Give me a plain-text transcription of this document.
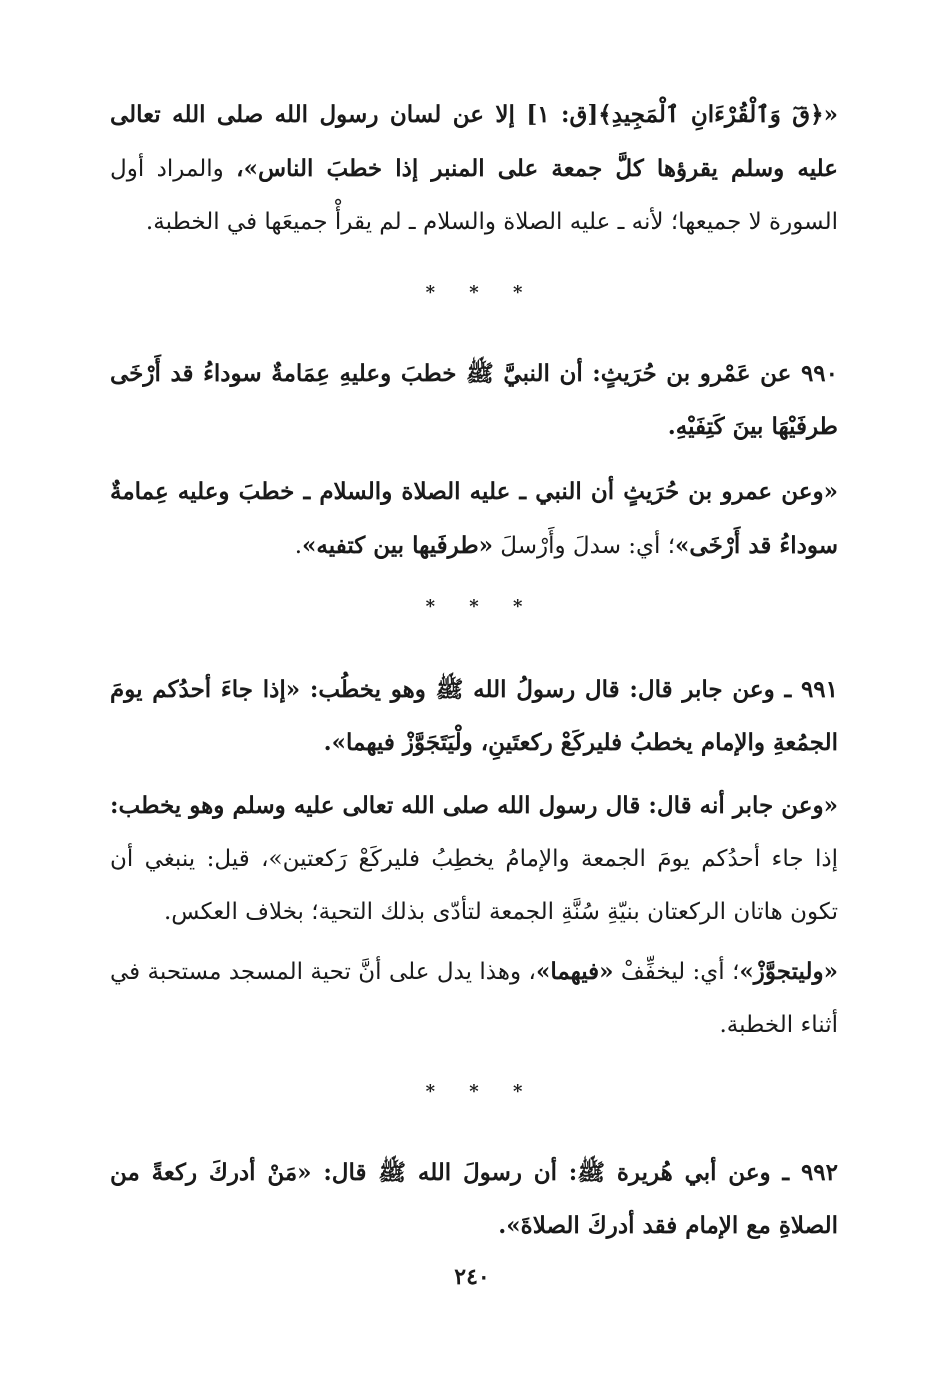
«﴿قٓ وَٱلْقُرْءَانِ ٱلْمَجِيدِ﴾[ق: ١] إلا عن لسان رسول الله صلى الله تعالى عليه وسلم يقرؤها كلَّ جمعة على المنبر إذا خطبَ الناس»، والمراد أول السورة لا جميعها؛ لأنه ـ عليه الصلاة والسلام ـ لم يقرأْ جميعَها في الخطبة.

* * *

٩٩٠ عن عَمْرو بن حُرَيثٍ: أن النبيَّ ﷺ خطبَ وعليهِ عِمَامةٌ سوداءُ قد أَرْخَى طرفَيْهَا بينَ كَتِفَيْهِ.

«وعن عمرو بن حُرَيثٍ أن النبي ـ عليه الصلاة والسلام ـ خطبَ وعليه عِمامةٌ سوداءُ قد أَرْخَى»؛ أي: سدلَ وأَرْسلَ «طرفَيها بين كتفيه».

* * *

٩٩١ ـ وعن جابر قال: قال رسولُ الله ﷺ وهو يخطُب: «إذا جاءَ أحدُكم يومَ الجمُعةِ والإمام يخطبُ فليركَعْ ركعتَينِ، ولْيَتَجَوَّزْ فيهما».

«وعن جابر أنه قال: قال رسول الله صلى الله تعالى عليه وسلم وهو يخطب: إذا جاء أحدُكم يومَ الجمعة والإمامُ يخطِبُ فليركَعْ رَكعتين»، قيل: ينبغي أن تكون هاتان الركعتان بنيّةِ سُنَّةِ الجمعة لتأدّى بذلك التحية؛ بخلاف العكس.

«وليتجوَّزْ»؛ أي: ليخفِّفْ «فيهما»، وهذا يدل على أنَّ تحية المسجد مستحبة في أثناء الخطبة.

* * *

٩٩٢ ـ وعن أبي هُريرة ﷺ: أن رسولَ الله ﷺ قال: «مَنْ أدركَ ركعةً من الصلاةِ مع الإمام فقد أدركَ الصلاةَ».

٢٤٠
